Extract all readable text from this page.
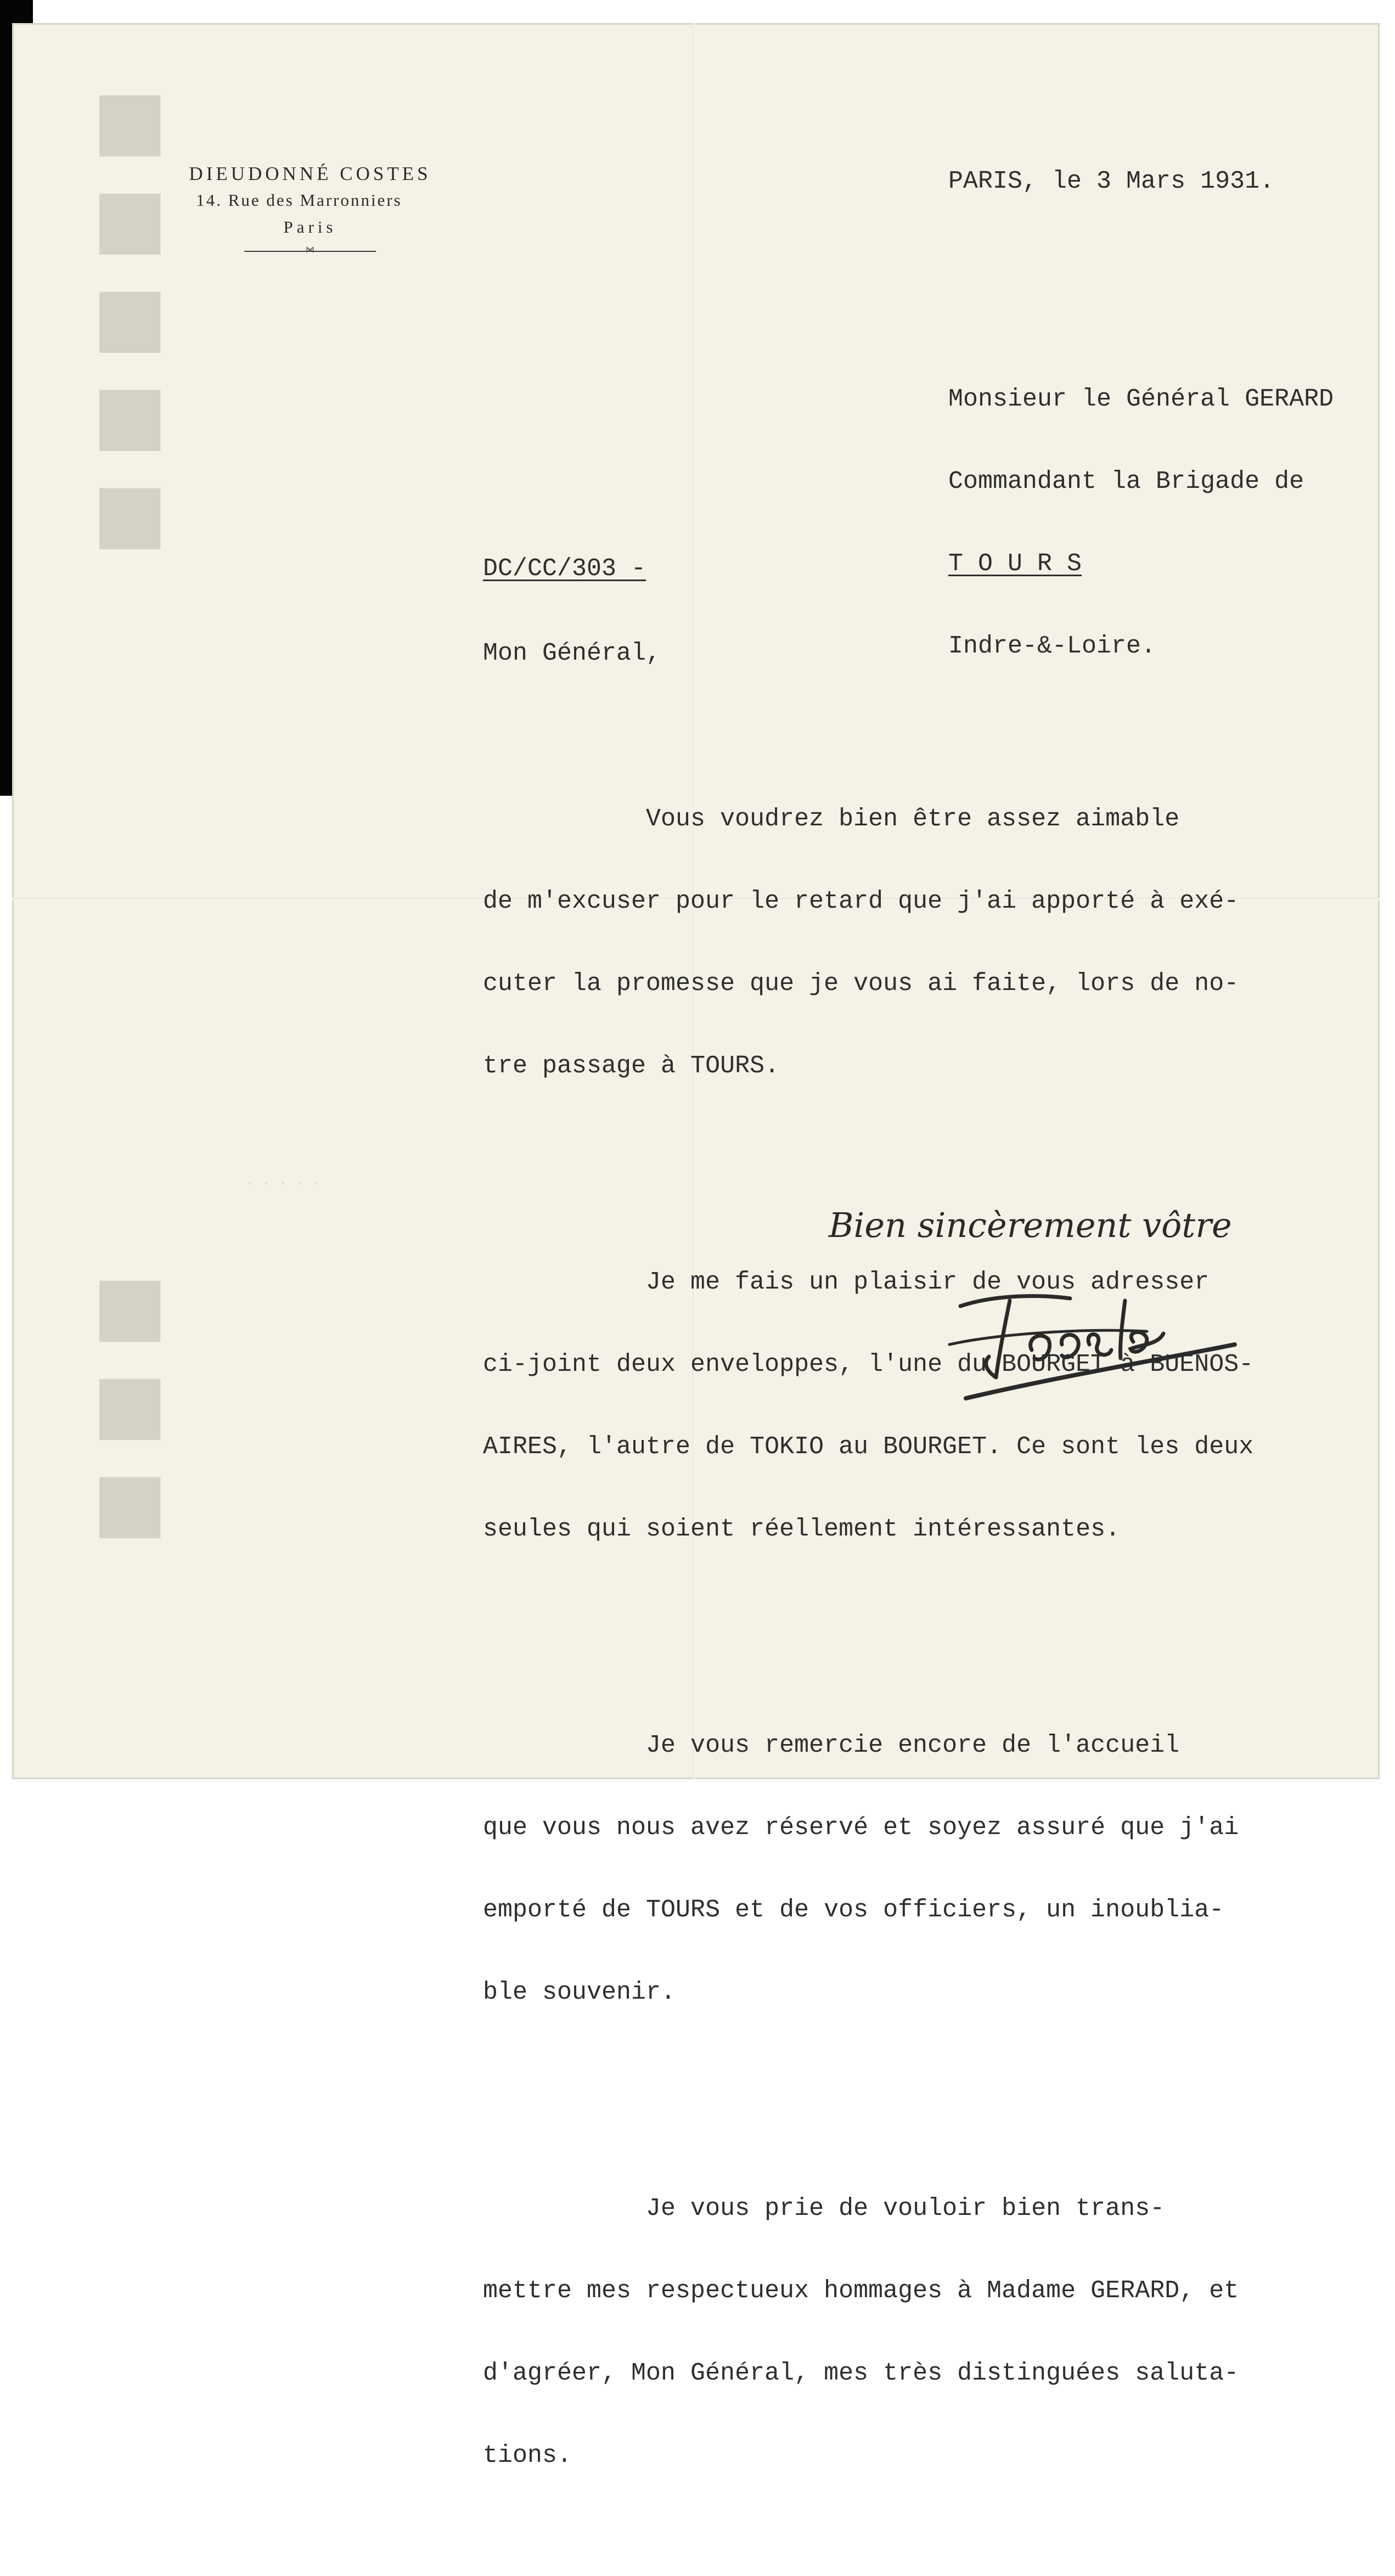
■■■■■
■■■
DIEUDONNÉ COSTES
14. Rue des Marronniers
Paris
⋈
PARIS, le 3 Mars 1931.

Monsieur le Général GERARD

Commandant la Brigade de

T O U R S

Indre-&-Loire.

DC/CC/303 -
Mon Général,

Vous voudrez bien être assez aimable

de m'excuser pour le retard que j'ai apporté à exé-

cuter la promesse que je vous ai faite, lors de no-

tre passage à TOURS.

Je me fais un plaisir de vous adresser

ci-joint deux enveloppes, l'une du BOURGET à BUENOS-

AIRES, l'autre de TOKIO au BOURGET. Ce sont les deux

seules qui soient réellement intéressantes.

Je vous remercie encore de l'accueil

que vous nous avez réservé et soyez assuré que j'ai

emporté de TOURS et de vos officiers, un inoublia-

ble souvenir.

Je vous prie de vouloir bien trans-

mettre mes respectueux hommages à Madame GERARD, et

d'agréer, Mon Général, mes très distinguées saluta-

tions.

Bien sincèrement vôtre
· · · · ·
